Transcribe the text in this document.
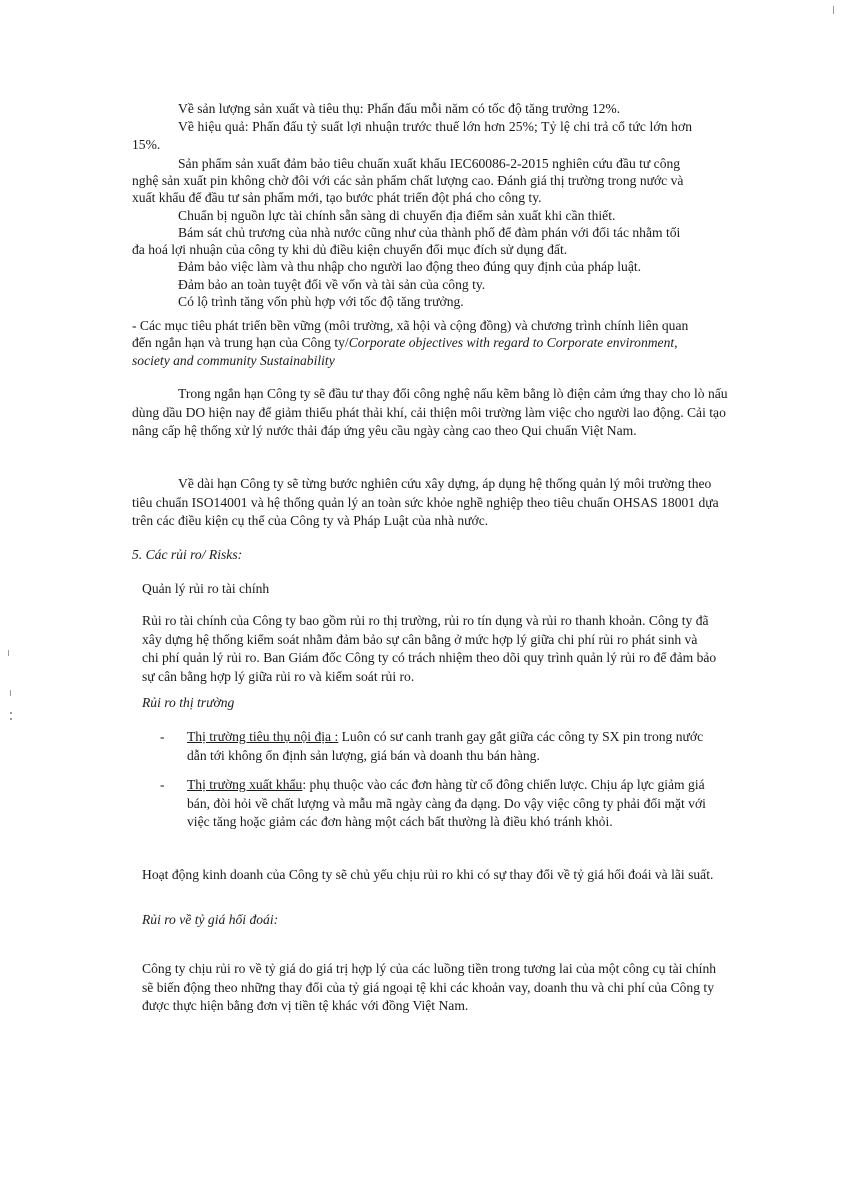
Về sản lượng sản xuất và tiêu thụ: Phấn đấu mỗi năm có tốc độ tăng trưởng 12%.
Về hiệu quả: Phấn đấu tỷ suất lợi nhuận trước thuế lớn hơn 25%; Tỷ lệ chi trả cổ tức lớn hơn
15%.
Sản phẩm sản xuất đảm bảo tiêu chuẩn xuất khẩu IEC60086-2-2015 nghiên cứu đầu tư công
nghệ sản xuất pin không chờ đôi với các sản phẩm chất lượng cao. Đánh giá thị trường trong nước và
xuất khẩu để đầu tư sản phẩm mới, tạo bước phát triển đột phá cho công ty.
Chuẩn bị nguồn lực tài chính sẵn sàng di chuyển địa điểm sản xuất khi cần thiết.
Bám sát chủ trương của nhà nước cũng như của thành phố để đàm phán với đối tác nhằm tối
đa hoá lợi nhuận của công ty khi dủ điều kiện chuyển đổi mục đích sử dụng đất.
Đảm bảo việc làm và thu nhập cho người lao động theo đúng quy định của pháp luật.
Đảm bảo an toàn tuyệt đối về vốn và tài sản của công ty.
Có lộ trình tăng vốn phù hợp với tốc độ tăng trưởng.
- Các mục tiêu phát triển bền vững (môi trường, xã hội và cộng đồng) và chương trình chính liên quan
đến ngắn hạn và trung hạn của Công ty/Corporate objectives with regard to Corporate environment,
society and community Sustainability
Trong ngắn hạn Công ty sẽ đầu tư thay đổi công nghệ nấu kẽm bằng lò điện cảm ứng thay cho lò nấu dùng dầu DO hiện nay để giảm thiểu phát thải khí, cải thiện môi trường làm việc cho người lao động. Cải tạo nâng cấp hệ thống xử lý nước thải đáp ứng yêu cầu ngày càng cao theo Qui chuẩn Việt Nam.
Về dài hạn Công ty sẽ từng bước nghiên cứu xây dựng, áp dụng hệ thống quản lý môi trường theo tiêu chuẩn ISO14001 và hệ thống quản lý an toàn sức khỏe nghề nghiệp theo tiêu chuẩn OHSAS 18001 dựa trên các điều kiện cụ thể của Công ty và Pháp Luật của nhà nước.
5. Các rủi ro/ Risks:
Quản lý rủi ro tài chính
Rủi ro tài chính của Công ty bao gồm rủi ro thị trường, rủi ro tín dụng và rủi ro thanh khoản. Công ty đã xây dựng hệ thống kiểm soát nhằm đảm bảo sự cân bằng ở mức hợp lý giữa chi phí rủi ro phát sinh và chi phí quản lý rủi ro. Ban Giám đốc Công ty có trách nhiệm theo dõi quy trình quản lý rủi ro để đảm bảo sự cân bằng hợp lý giữa rủi ro và kiểm soát rủi ro.
Rủi ro thị trường
- Thị trường tiêu thụ nội địa : Luôn có sư canh tranh gay gắt giữa các công ty SX pin trong nước dẫn tới không ổn định sản lượng, giá bán và doanh thu bán hàng.
- Thị trường xuất khẩu: phụ thuộc vào các đơn hàng từ cổ đông chiến lược. Chịu áp lực giảm giá bán, đòi hỏi về chất lượng và mẫu mã ngày càng đa dạng. Do vậy việc công ty phải đối mặt với việc tăng hoặc giảm các đơn hàng một cách bất thường là điều khó tránh khỏi.
Hoạt động kinh doanh của Công ty sẽ chủ yếu chịu rủi ro khi có sự thay đổi về tỷ giá hối đoái và lãi suất.
Rủi ro về tỷ giá hối đoái:
Công ty chịu rủi ro về tỷ giá do giá trị hợp lý của các luồng tiền trong tương lai của một công cụ tài chính sẽ biến động theo những thay đổi của tỷ giá ngoại tệ khi các khoản vay, doanh thu và chi phí của Công ty được thực hiện bằng đơn vị tiền tệ khác với đồng Việt Nam.
